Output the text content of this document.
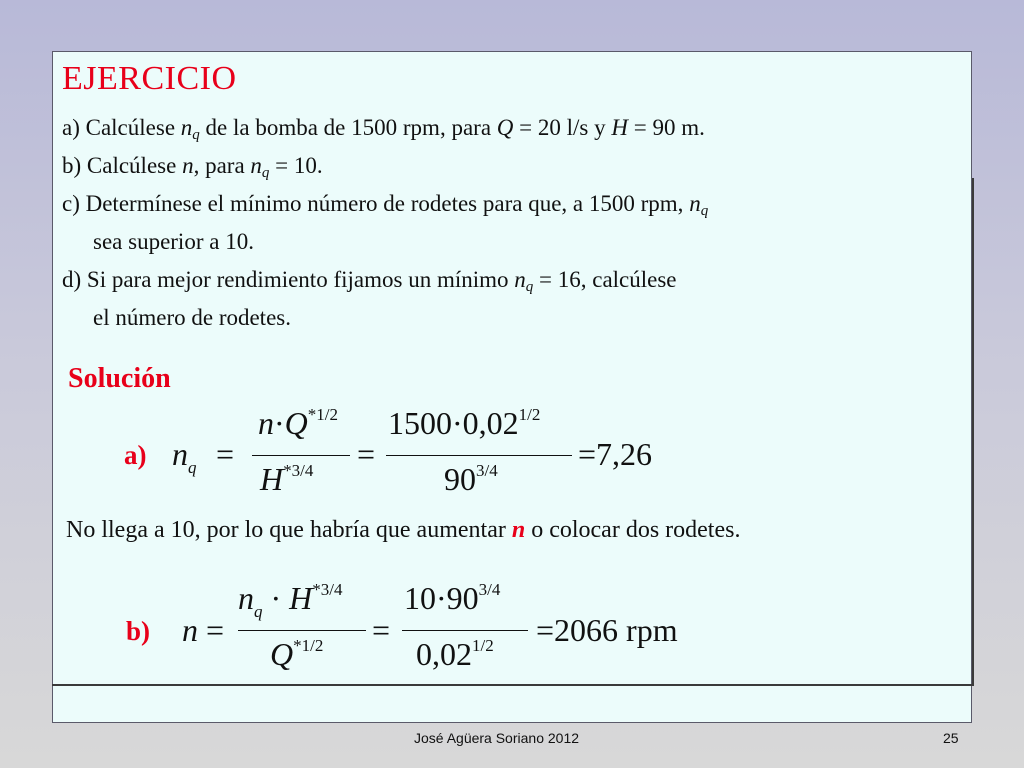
EJERCICIO
a) Calcúlese $n_q$ de la bomba de 1500 rpm, para Q = 20 l/s y H = 90 m.
b) Calcúlese n, para $n_q = 10$.
c) Determínese el mínimo número de rodetes para que, a 1500 rpm, $n_q$
sea superior a 10.
d) Si para mejor rendimiento fijamos un mínimo $n_q = 16$, calcúlese
el número de rodetes.
Solución
a) $n_q$ =
$n\cdot Q^{*1/2}$
$H^{*3/4}$ =
$1500\cdot 0,02^{1/2}$
$90^{3/4}$	=7,26
No llega a 10, por lo que habría que aumentar n o colocar dos rodetes.
b) n =
$n_q \cdot H^{*3/4}$
$Q^{*1/2}$ =
$10\cdot 90^{3/4}$
$0,02^{1/2} =2066$ rpm
José Agüera Soriano 2012	25
